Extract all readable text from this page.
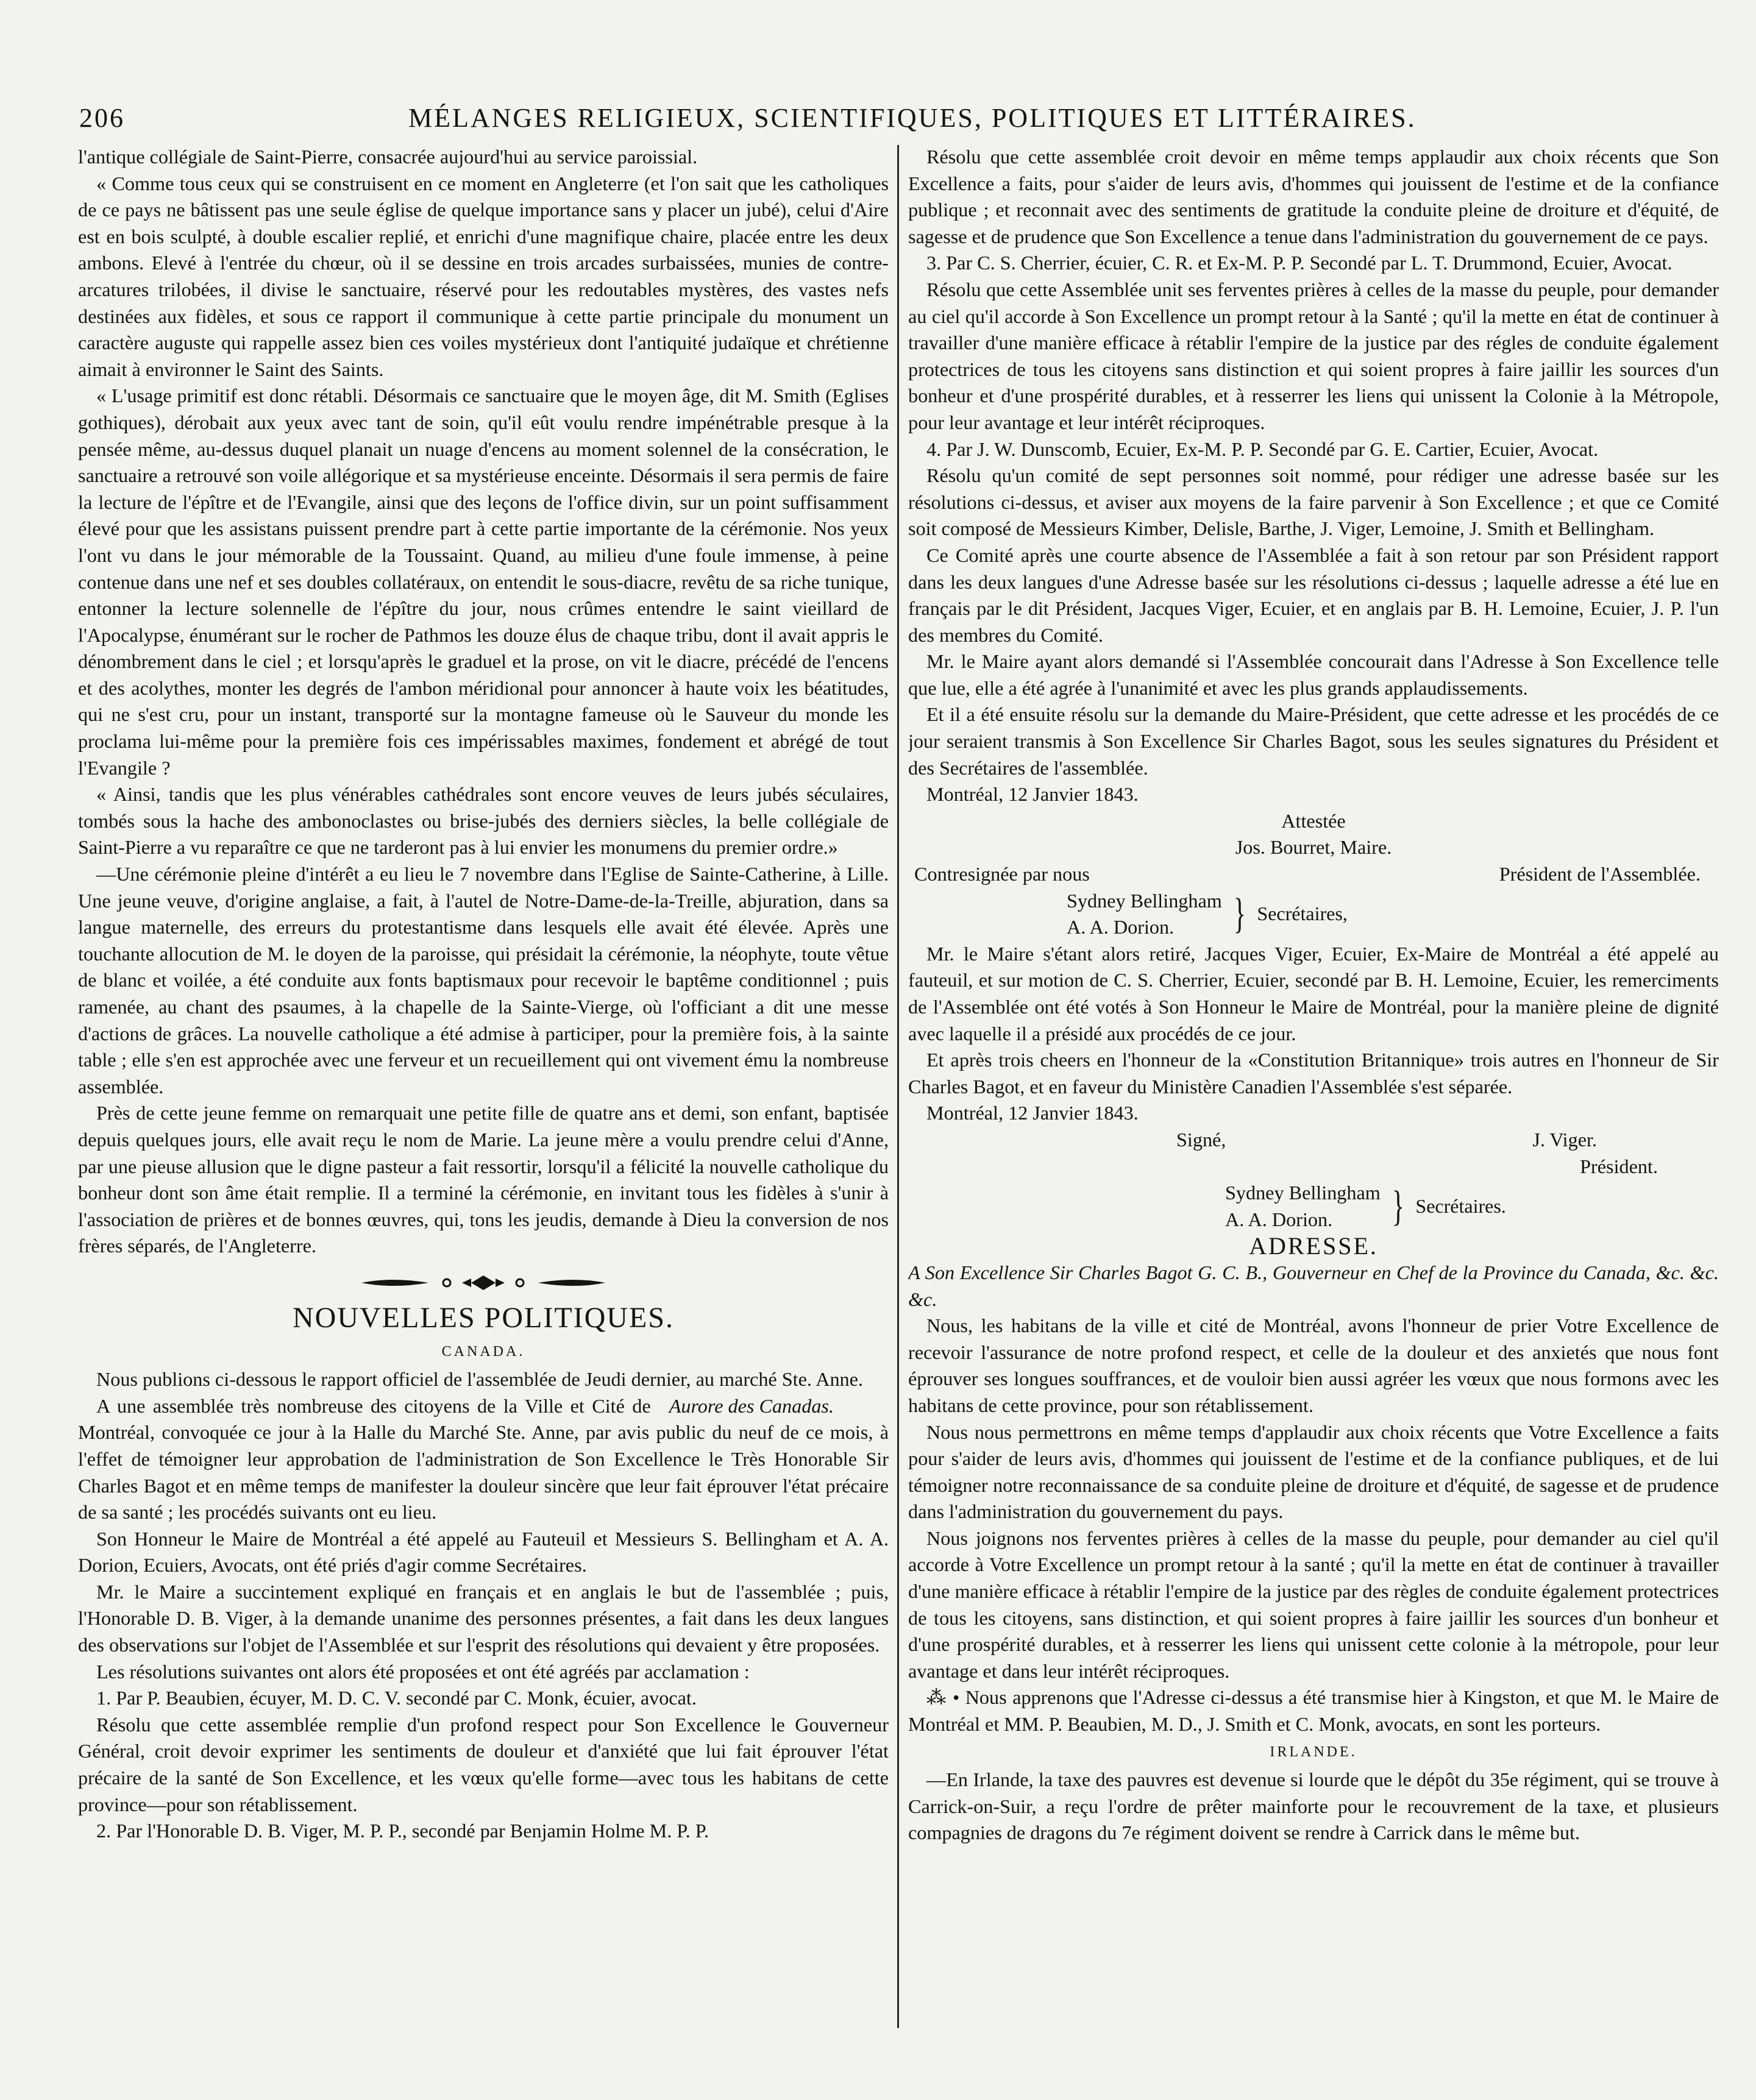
206	MÉLANGES RELIGIEUX, SCIENTIFIQUES, POLITIQUES ET LITTÉRAIRES.

l'antique collégiale de Saint-Pierre, consacrée aujourd'hui au service paroissial.

« Comme tous ceux qui se construisent en ce moment en Angleterre (et l'on sait que les catholiques de ce pays ne bâtissent pas une seule église de quelque importance sans y placer un jubé), celui d'Aire est en bois sculpté, à double escalier replié, et enrichi d'une magnifique chaire, placée entre les deux ambons. Elevé à l'entrée du chœur, où il se dessine en trois arcades surbaissées, munies de contre-arcatures trilobées, il divise le sanctuaire, réservé pour les redoutables mystères, des vastes nefs destinées aux fidèles, et sous ce rapport il communique à cette partie principale du monument un caractère auguste qui rappelle assez bien ces voiles mystérieux dont l'antiquité judaïque et chrétienne aimait à environner le Saint des Saints.

« L'usage primitif est donc rétabli. Désormais ce sanctuaire que le moyen âge, dit M. Smith (Eglises gothiques), dérobait aux yeux avec tant de soin, qu'il eût voulu rendre impénétrable presque à la pensée même, au-dessus duquel planait un nuage d'encens au moment solennel de la consécration, le sanctuaire a retrouvé son voile allégorique et sa mystérieuse enceinte. Désormais il sera permis de faire la lecture de l'épître et de l'Evangile, ainsi que des leçons de l'office divin, sur un point suffisamment élevé pour que les assistans puissent prendre part à cette partie importante de la cérémonie. Nos yeux l'ont vu dans le jour mémorable de la Toussaint. Quand, au milieu d'une foule immense, à peine contenue dans une nef et ses doubles collatéraux, on entendit le sous-diacre, revêtu de sa riche tunique, entonner la lecture solennelle de l'épître du jour, nous crûmes entendre le saint vieillard de l'Apocalypse, énumérant sur le rocher de Pathmos les douze élus de chaque tribu, dont il avait appris le dénombrement dans le ciel ; et lorsqu'après le graduel et la prose, on vit le diacre, précédé de l'encens et des acolythes, monter les degrés de l'ambon méridional pour annoncer à haute voix les béatitudes, qui ne s'est cru, pour un instant, transporté sur la montagne fameuse où le Sauveur du monde les proclama lui-même pour la première fois ces impérissables maximes, fondement et abrégé de tout l'Evangile ?

« Ainsi, tandis que les plus vénérables cathédrales sont encore veuves de leurs jubés séculaires, tombés sous la hache des ambonoclastes ou brise-jubés des derniers siècles, la belle collégiale de Saint-Pierre a vu reparaître ce que ne tarderont pas à lui envier les monumens du premier ordre.»

—Une cérémonie pleine d'intérêt a eu lieu le 7 novembre dans l'Eglise de Sainte-Catherine, à Lille. Une jeune veuve, d'origine anglaise, a fait, à l'autel de Notre-Dame-de-la-Treille, abjuration, dans sa langue maternelle, des erreurs du protestantisme dans lesquels elle avait été élevée. Après une touchante allocution de M. le doyen de la paroisse, qui présidait la cérémonie, la néophyte, toute vêtue de blanc et voilée, a été conduite aux fonts baptismaux pour recevoir le baptême conditionnel ; puis ramenée, au chant des psaumes, à la chapelle de la Sainte-Vierge, où l'officiant a dit une messe d'actions de grâces. La nouvelle catholique a été admise à participer, pour la première fois, à la sainte table ; elle s'en est approchée avec une ferveur et un recueillement qui ont vivement ému la nombreuse assemblée.

Près de cette jeune femme on remarquait une petite fille de quatre ans et demi, son enfant, baptisée depuis quelques jours, elle avait reçu le nom de Marie. La jeune mère a voulu prendre celui d'Anne, par une pieuse allusion que le digne pasteur a fait ressortir, lorsqu'il a félicité la nouvelle catholique du bonheur dont son âme était remplie. Il a terminé la cérémonie, en invitant tous les fidèles à s'unir à l'association de prières et de bonnes œuvres, qui, tons les jeudis, demande à Dieu la conversion de nos frères séparés, de l'Angleterre.

NOUVELLES POLITIQUES.
CANADA.

Nous publions ci-dessous le rapport officiel de l'assemblée de Jeudi dernier, au marché Ste. Anne.
Aurore des Canadas.

A une assemblée très nombreuse des citoyens de la Ville et Cité de Montréal, convoquée ce jour à la Halle du Marché Ste. Anne, par avis public du neuf de ce mois, à l'effet de témoigner leur approbation de l'administration de Son Excellence le Très Honorable Sir Charles Bagot et en même temps de manifester la douleur sincère que leur fait éprouver l'état précaire de sa santé ; les procédés suivants ont eu lieu.

Son Honneur le Maire de Montréal a été appelé au Fauteuil et Messieurs S. Bellingham et A. A. Dorion, Ecuiers, Avocats, ont été priés d'agir comme Secrétaires.

Mr. le Maire a succintement expliqué en français et en anglais le but de l'assemblée ; puis, l'Honorable D. B. Viger, à la demande unanime des personnes présentes, a fait dans les deux langues des observations sur l'objet de l'Assemblée et sur l'esprit des résolutions qui devaient y être proposées.

Les résolutions suivantes ont alors été proposées et ont été agréés par acclamation :

1. Par P. Beaubien, écuyer, M. D. C. V. secondé par C. Monk, écuier, avocat.

Résolu que cette assemblée remplie d'un profond respect pour Son Excellence le Gouverneur Général, croit devoir exprimer les sentiments de douleur et d'anxiété que lui fait éprouver l'état précaire de la santé de Son Excellence, et les vœux qu'elle forme—avec tous les habitans de cette province—pour son rétablissement.

2. Par l'Honorable D. B. Viger, M. P. P., secondé par Benjamin Holme M. P. P.

Résolu que cette assemblée croit devoir en même temps applaudir aux choix récents que Son Excellence a faits, pour s'aider de leurs avis, d'hommes qui jouissent de l'estime et de la confiance publique ; et reconnait avec des sentiments de gratitude la conduite pleine de droiture et d'équité, de sagesse et de prudence que Son Excellence a tenue dans l'administration du gouvernement de ce pays.

3. Par C. S. Cherrier, écuier, C. R. et Ex-M. P. P. Secondé par L. T. Drummond, Ecuier, Avocat.

Résolu que cette Assemblée unit ses ferventes prières à celles de la masse du peuple, pour demander au ciel qu'il accorde à Son Excellence un prompt retour à la Santé ; qu'il la mette en état de continuer à travailler d'une manière efficace à rétablir l'empire de la justice par des régles de conduite également protectrices de tous les citoyens sans distinction et qui soient propres à faire jaillir les sources d'un bonheur et d'une prospérité durables, et à resserrer les liens qui unissent la Colonie à la Métropole, pour leur avantage et leur intérêt réciproques.

4. Par J. W. Dunscomb, Ecuier, Ex-M. P. P. Secondé par G. E. Cartier, Ecuier, Avocat.

Résolu qu'un comité de sept personnes soit nommé, pour rédiger une adresse basée sur les résolutions ci-dessus, et aviser aux moyens de la faire parvenir à Son Excellence ; et que ce Comité soit composé de Messieurs Kimber, Delisle, Barthe, J. Viger, Lemoine, J. Smith et Bellingham.

Ce Comité après une courte absence de l'Assemblée a fait à son retour par son Président rapport dans les deux langues d'une Adresse basée sur les résolutions ci-dessus ; laquelle adresse a été lue en français par le dit Président, Jacques Viger, Ecuier, et en anglais par B. H. Lemoine, Ecuier, J. P. l'un des membres du Comité.

Mr. le Maire ayant alors demandé si l'Assemblée concourait dans l'Adresse à Son Excellence telle que lue, elle a été agrée à l'unanimité et avec les plus grands applaudissements.

Et il a été ensuite résolu sur la demande du Maire-Président, que cette adresse et les procédés de ce jour seraient transmis à Son Excellence Sir Charles Bagot, sous les seules signatures du Président et des Secrétaires de l'assemblée.

Montréal, 12 Janvier 1843.

Attestée

Jos. Bourret, Maire.

Contresignée par nous	Président de l'Assemblée.
Sydney Bellingham
A. A. Dorion.	} Secrétaires,

Mr. le Maire s'étant alors retiré, Jacques Viger, Ecuier, Ex-Maire de Montréal a été appelé au fauteuil, et sur motion de C. S. Cherrier, Ecuier, secondé par B. H. Lemoine, Ecuier, les remerciments de l'Assemblée ont été votés à Son Honneur le Maire de Montréal, pour la manière pleine de dignité avec laquelle il a présidé aux procédés de ce jour.

Et après trois cheers en l'honneur de la «Constitution Britannique» trois autres en l'honneur de Sir Charles Bagot, et en faveur du Ministère Canadien l'Assemblée s'est séparée.

Montréal, 12 Janvier 1843.

Signé,	J. Viger.
Président.
Sydney Bellingham
A. A. Dorion.	} Secrétaires.
ADRESSE.

A Son Excellence Sir Charles Bagot G. C. B., Gouverneur en Chef de la Province du Canada, &c. &c. &c.

Nous, les habitans de la ville et cité de Montréal, avons l'honneur de prier Votre Excellence de recevoir l'assurance de notre profond respect, et celle de la douleur et des anxietés que nous font éprouver ses longues souffrances, et de vouloir bien aussi agréer les vœux que nous formons avec les habitans de cette province, pour son rétablissement.

Nous nous permettrons en même temps d'applaudir aux choix récents que Votre Excellence a faits pour s'aider de leurs avis, d'hommes qui jouissent de l'estime et de la confiance publiques, et de lui témoigner notre reconnaissance de sa conduite pleine de droiture et d'équité, de sagesse et de prudence dans l'administration du gouvernement du pays.

Nous joignons nos ferventes prières à celles de la masse du peuple, pour demander au ciel qu'il accorde à Votre Excellence un prompt retour à la santé ; qu'il la mette en état de continuer à travailler d'une manière efficace à rétablir l'empire de la justice par des règles de conduite également protectrices de tous les citoyens, sans distinction, et qui soient propres à faire jaillir les sources d'un bonheur et d'une prospérité durables, et à resserrer les liens qui unissent cette colonie à la métropole, pour leur avantage et dans leur intérêt réciproques.

⁂ • Nous apprenons que l'Adresse ci-dessus a été transmise hier à Kingston, et que M. le Maire de Montréal et MM. P. Beaubien, M. D., J. Smith et C. Monk, avocats, en sont les porteurs.

IRLANDE.

—En Irlande, la taxe des pauvres est devenue si lourde que le dépôt du 35e régiment, qui se trouve à Carrick-on-Suir, a reçu l'ordre de prêter mainforte pour le recouvrement de la taxe, et plusieurs compagnies de dragons du 7e régiment doivent se rendre à Carrick dans le même but.
